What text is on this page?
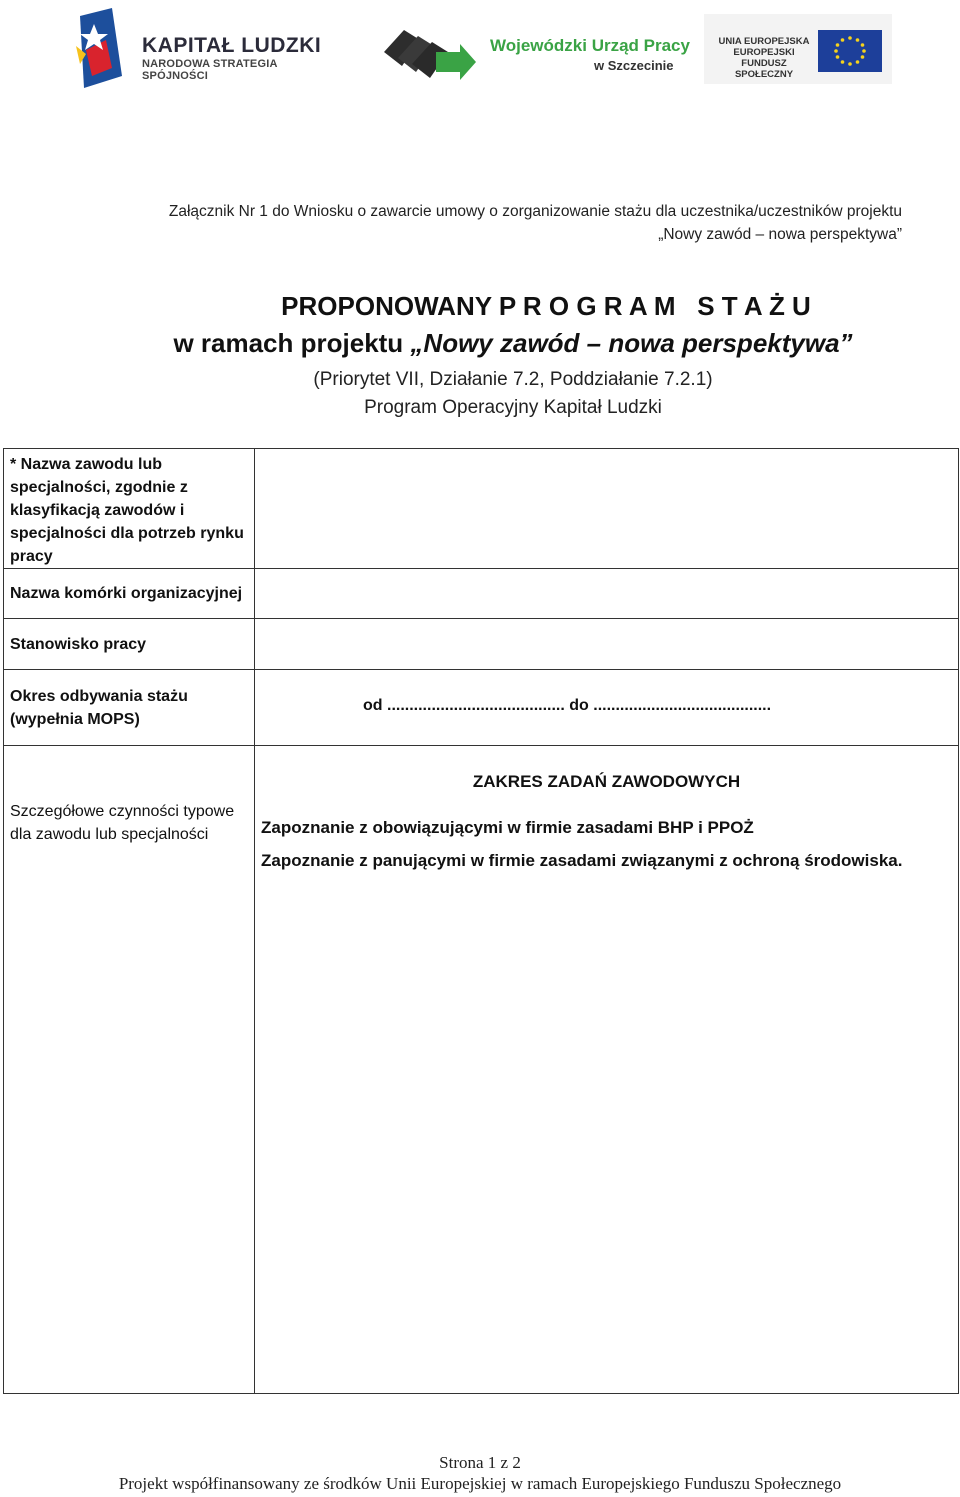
KAPITAŁ LUDZKI
NARODOWA STRATEGIA SPÓJNOŚCI
Wojewódzki Urząd Pracy
w Szczecinie
UNIA EUROPEJSKA
EUROPEJSKI
FUNDUSZ SPOŁECZNY
Załącznik Nr 1 do Wniosku o zawarcie umowy o zorganizowanie stażu dla uczestnika/uczestników projektu
„Nowy zawód – nowa perspektywa”
PROPONOWANY P R O G R A M   S T A Ż U
w ramach projektu „Nowy zawód – nowa perspektywa”
(Priorytet VII, Działanie 7.2, Poddziałanie 7.2.1)
Program Operacyjny Kapitał Ludzki
* Nazwa zawodu lub specjalności, zgodnie z klasyfikacją zawodów i specjalności dla potrzeb rynku pracy	
Nazwa komórki organizacyjnej	
Stanowisko pracy	
Okres odbywania stażu (wypełnia MOPS)	od ........................................ do ........................................

Szczegółowe czynności typowe dla zawodu lub specjalności	ZAKRES ZADAŃ ZAWODOWYCH
Zapoznanie z obowiązującymi w firmie zasadami BHP i PPOŻ
Zapoznanie z panującymi w firmie zasadami związanymi z ochroną środowiska.
Strona 1 z 2
Projekt współfinansowany ze środków Unii Europejskiej w ramach Europejskiego Funduszu Społecznego
